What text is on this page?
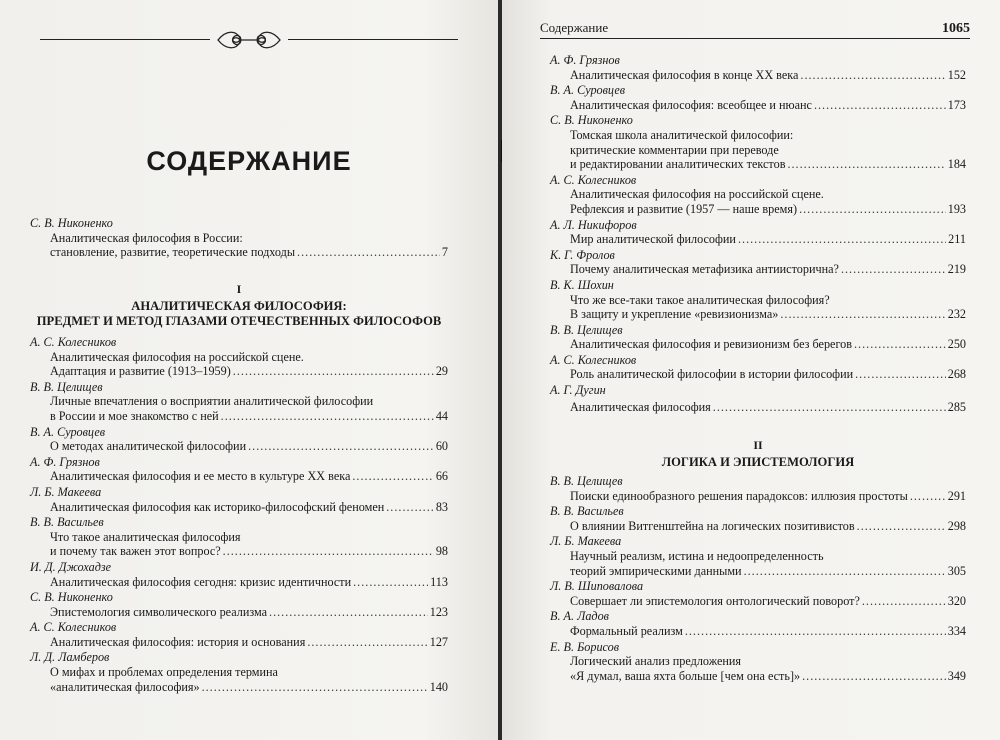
СОДЕРЖАНИЕ
С. В. Никоненко
Аналитическая философия в России:
становление, развитие, теоретические подходы .....	7
I
АНАЛИТИЧЕСКАЯ ФИЛОСОФИЯ:
ПРЕДМЕТ И МЕТОД ГЛАЗАМИ ОТЕЧЕСТВЕННЫХ ФИЛОСОФОВ
А. С. Колесников
Аналитическая философия на российской сцене.
Адаптация и развитие (1913–1959) .....	29
В. В. Целищев
Личные впечатления о восприятии аналитической философии
в России и мое знакомство с ней .....	44
В. А. Суровцев
О методах аналитической философии .....	60
А. Ф. Грязнов
Аналитическая философия и ее место в культуре XX века .....	66
Л. Б. Макеева
Аналитическая философия как историко-философский феномен .....	83
В. В. Васильев
Что такое аналитическая философия
и почему так важен этот вопрос? .....	98
И. Д. Джохадзе
Аналитическая философия сегодня: кризис идентичности .....	113
С. В. Никоненко
Эпистемология символического реализма .....	123
А. С. Колесников
Аналитическая философия: история и основания .....	127
Л. Д. Ламберов
О мифах и проблемах определения термина
«аналитическая философия» .....	140
Содержание	1065
А. Ф. Грязнов
Аналитическая философия в конце XX века .....	152
В. А. Суровцев
Аналитическая философия: всеобщее и нюанс .....	173
С. В. Никоненко
Томская школа аналитической философии:
критические комментарии при переводе
и редактировании аналитических текстов .....	184
А. С. Колесников
Аналитическая философия на российской сцене.
Рефлексия и развитие (1957 — наше время) .....	193
А. Л. Никифоров
Мир аналитической философии .....	211
К. Г. Фролов
Почему аналитическая метафизика антиисторична? .....	219
В. К. Шохин
Что же все-таки такое аналитическая философия?
В защиту и укрепление «ревизионизма» .....	232
В. В. Целищев
Аналитическая философия и ревизионизм без берегов .....	250
А. С. Колесников
Роль аналитической философии в истории философии .....	268
А. Г. Дугин
Аналитическая философия .....	285
II
ЛОГИКА И ЭПИСТЕМОЛОГИЯ
В. В. Целищев
Поиски единообразного решения парадоксов: иллюзия простоты .....	291
В. В. Васильев
О влиянии Витгенштейна на логических позитивистов .....	298
Л. Б. Макеева
Научный реализм, истина и недоопределенность
теорий эмпирическими данными .....	305
Л. В. Шиповалова
Совершает ли эпистемология онтологический поворот? .....	320
В. А. Ладов
Формальный реализм .....	334
Е. В. Борисов
Логический анализ предложения
«Я думал, ваша яхта больше [чем она есть]» .....	349
